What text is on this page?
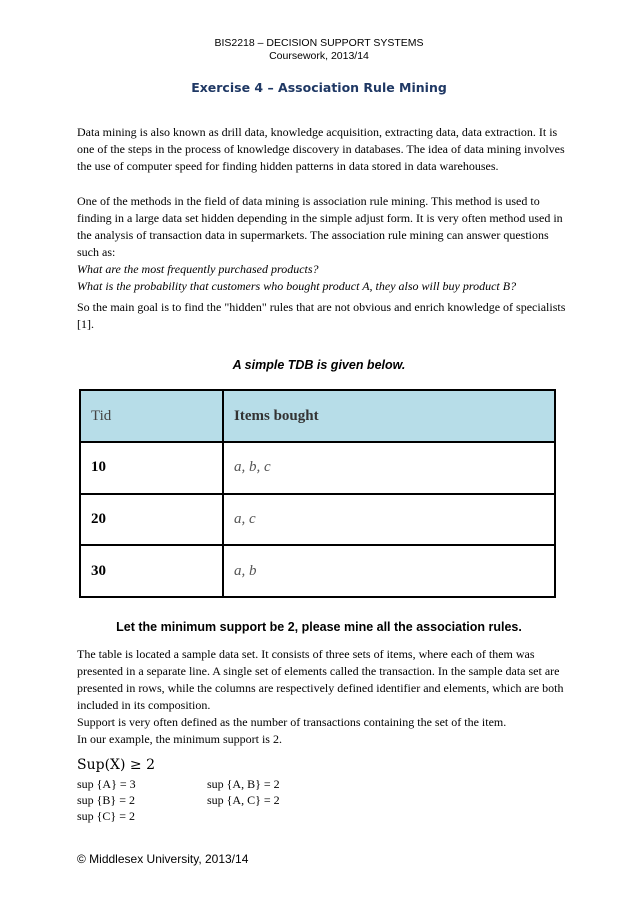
BIS2218 – DECISION SUPPORT SYSTEMS
Coursework, 2013/14
Exercise 4 – Association Rule Mining

Data mining is also known as drill data, knowledge acquisition, extracting data, data extraction. It is one of the steps in the process of knowledge discovery in databases. The idea of data mining involves the use of computer speed for finding hidden patterns in data stored in data warehouses.

One of the methods in the field of data mining is association rule mining. This method is used to finding in a large data set hidden depending in the simple adjust form. It is very often method used in the analysis of transaction data in supermarkets. The association rule mining can answer questions such as:

What are the most frequently purchased products?

What is the probability that customers who bought product A, they also will buy product B?

So the main goal is to find the "hidden" rules that are not obvious and enrich knowledge of specialists [1].

A simple TDB is given below.
Tid	Items bought
10	a, b, c
20	a, c
30	a, b
Let the minimum support be 2, please mine all the association rules.

The table is located a sample data set. It consists of three sets of items, where each of them was presented in a separate line. A single set of elements called the transaction. In the sample data set are presented in rows, while the columns are respectively defined identifier and elements, which are both included in its composition.

Support is very often defined as the number of transactions containing the set of the item.

In our example, the minimum support is 2.

Sup(X) ≥ 2
sup {A} = 3	sup {A, B} = 2
sup {B} = 2	sup {A, C} = 2
sup {C} = 2
© Middlesex University, 2013/14
